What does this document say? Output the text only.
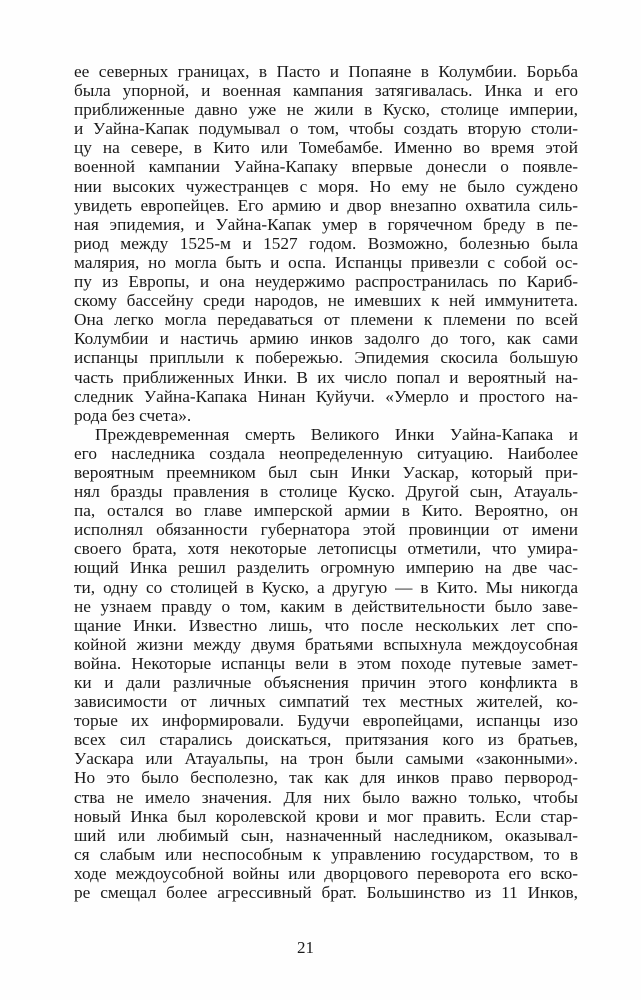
ее северных границах, в Пасто и Попаяне в Колумбии. Борьба
была упорной, и военная кампания затягивалась. Инка и его
приближенные давно уже не жили в Куско, столице империи,
и Уайна-Капак подумывал о том, чтобы создать вторую столи-
цу на севере, в Кито или Томебамбе. Именно во время этой
военной кампании Уайна-Капаку впервые донесли о появле-
нии высоких чужестранцев с моря. Но ему не было суждено
увидеть европейцев. Его армию и двор внезапно охватила силь-
ная эпидемия, и Уайна-Капак умер в горячечном бреду в пе-
риод между 1525-м и 1527 годом. Возможно, болезнью была
малярия, но могла быть и оспа. Испанцы привезли с собой ос-
пу из Европы, и она неудержимо распространилась по Кариб-
скому бассейну среди народов, не имевших к ней иммунитета.
Она легко могла передаваться от племени к племени по всей
Колумбии и настичь армию инков задолго до того, как сами
испанцы приплыли к побережью. Эпидемия скосила большую
часть приближенных Инки. В их число попал и вероятный на-
следник Уайна-Капака Нинан Куйучи. «Умерло и простого на-
рода без счета».
Преждевременная смерть Великого Инки Уайна-Капака и
его наследника создала неопределенную ситуацию. Наиболее
вероятным преемником был сын Инки Уаскар, который при-
нял бразды правления в столице Куско. Другой сын, Атауаль-
па, остался во главе имперской армии в Кито. Вероятно, он
исполнял обязанности губернатора этой провинции от имени
своего брата, хотя некоторые летописцы отметили, что умира-
ющий Инка решил разделить огромную империю на две час-
ти, одну со столицей в Куско, а другую — в Кито. Мы никогда
не узнаем правду о том, каким в действительности было заве-
щание Инки. Известно лишь, что после нескольких лет спо-
койной жизни между двумя братьями вспыхнула междоусобная
война. Некоторые испанцы вели в этом походе путевые замет-
ки и дали различные объяснения причин этого конфликта в
зависимости от личных симпатий тех местных жителей, ко-
торые их информировали. Будучи европейцами, испанцы изо
всех сил старались доискаться, притязания кого из братьев,
Уаскара или Атауальпы, на трон были самыми «законными».
Но это было бесполезно, так как для инков право первород-
ства не имело значения. Для них было важно только, чтобы
новый Инка был королевской крови и мог править. Если стар-
ший или любимый сын, назначенный наследником, оказывал-
ся слабым или неспособным к управлению государством, то в
ходе междоусобной войны или дворцового переворота его вско-
ре смещал более агрессивный брат. Большинство из 11 Инков,
21
